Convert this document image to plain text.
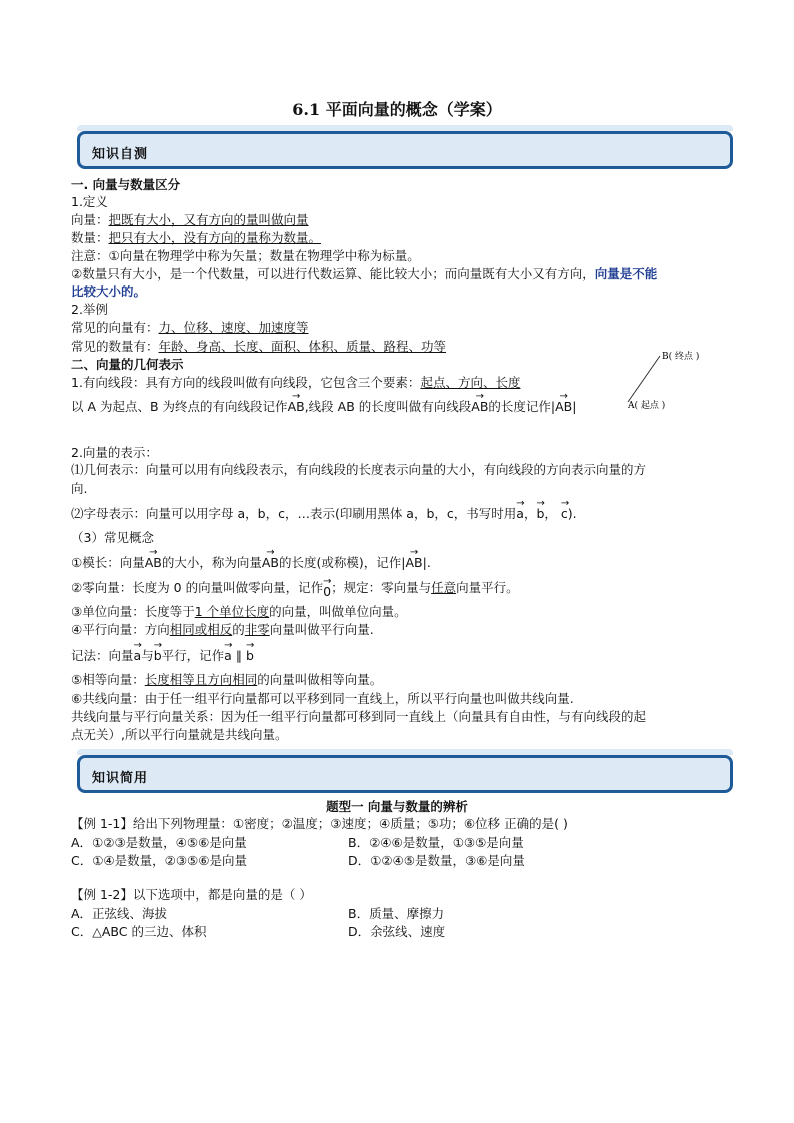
6.1 平面向量的概念（学案）
知识自测
一. 向量与数量区分
1.定义
向量：把既有大小，又有方向的量叫做向量
数量：把只有大小，没有方向的量称为数量。
注意：①向量在物理学中称为矢量；数量在物理学中称为标量。
②数量只有大小，是一个代数量，可以进行代数运算、能比较大小；而向量既有大小又有方向，向量是不能
比较大小的。
2.举例
常见的向量有：力、位移、速度、加速度等
常见的数量有：年龄、身高、长度、面积、体积、质量、路程、功等
二、向量的几何表示
1.有向线段：具有方向的线段叫做有向线段，它包含三个要素：起点、方向、长度
以 A 为起点、B 为终点的有向线段记作→ AB,线段 AB 的长度叫做有向线段→ AB的长度记作|→ AB|
B( 终点 )
A( 起点 )
2.向量的表示：
⑴几何表示：向量可以用有向线段表示，有向线段的长度表示向量的大小，有向线段的方向表示向量的方
向.
⑵字母表示：向量可以用字母 a，b，c，…表示(印刷用黑体 a，b，c，书写时用→ a，→ b， → c).
（3）常见概念
①模长：向量→ AB的大小，称为向量→ AB的长度(或称模)，记作|→ AB|.
②零向量：长度为 0 的向量叫做零向量，记作→ 0；规定：零向量与任意向量平行。
③单位向量：长度等于1 个单位长度的向量，叫做单位向量。
④平行向量：方向相同或相反的非零向量叫做平行向量.
记法：向量→ a与→ b平行，记作→ a ∥ → b
⑤相等向量：长度相等且方向相同的向量叫做相等向量。
⑥共线向量：由于任一组平行向量都可以平移到同一直线上，所以平行向量也叫做共线向量.
共线向量与平行向量关系：因为任一组平行向量都可移到同一直线上（向量具有自由性，与有向线段的起
点无关）,所以平行向量就是共线向量。
知识简用
题型一 向量与数量的辨析
【例 1-1】给出下列物理量：①密度；②温度；③速度；④质量；⑤功；⑥位移 正确的是( )
A．①②③是数量，④⑤⑥是向量	B．②④⑥是数量，①③⑤是向量
C．①④是数量，②③⑤⑥是向量	D．①②④⑤是数量，③⑥是向量
【例 1-2】以下选项中，都是向量的是（ ）
A．正弦线、海拔	B．质量、摩擦力
C．△ABC 的三边、体积	D．余弦线、速度
